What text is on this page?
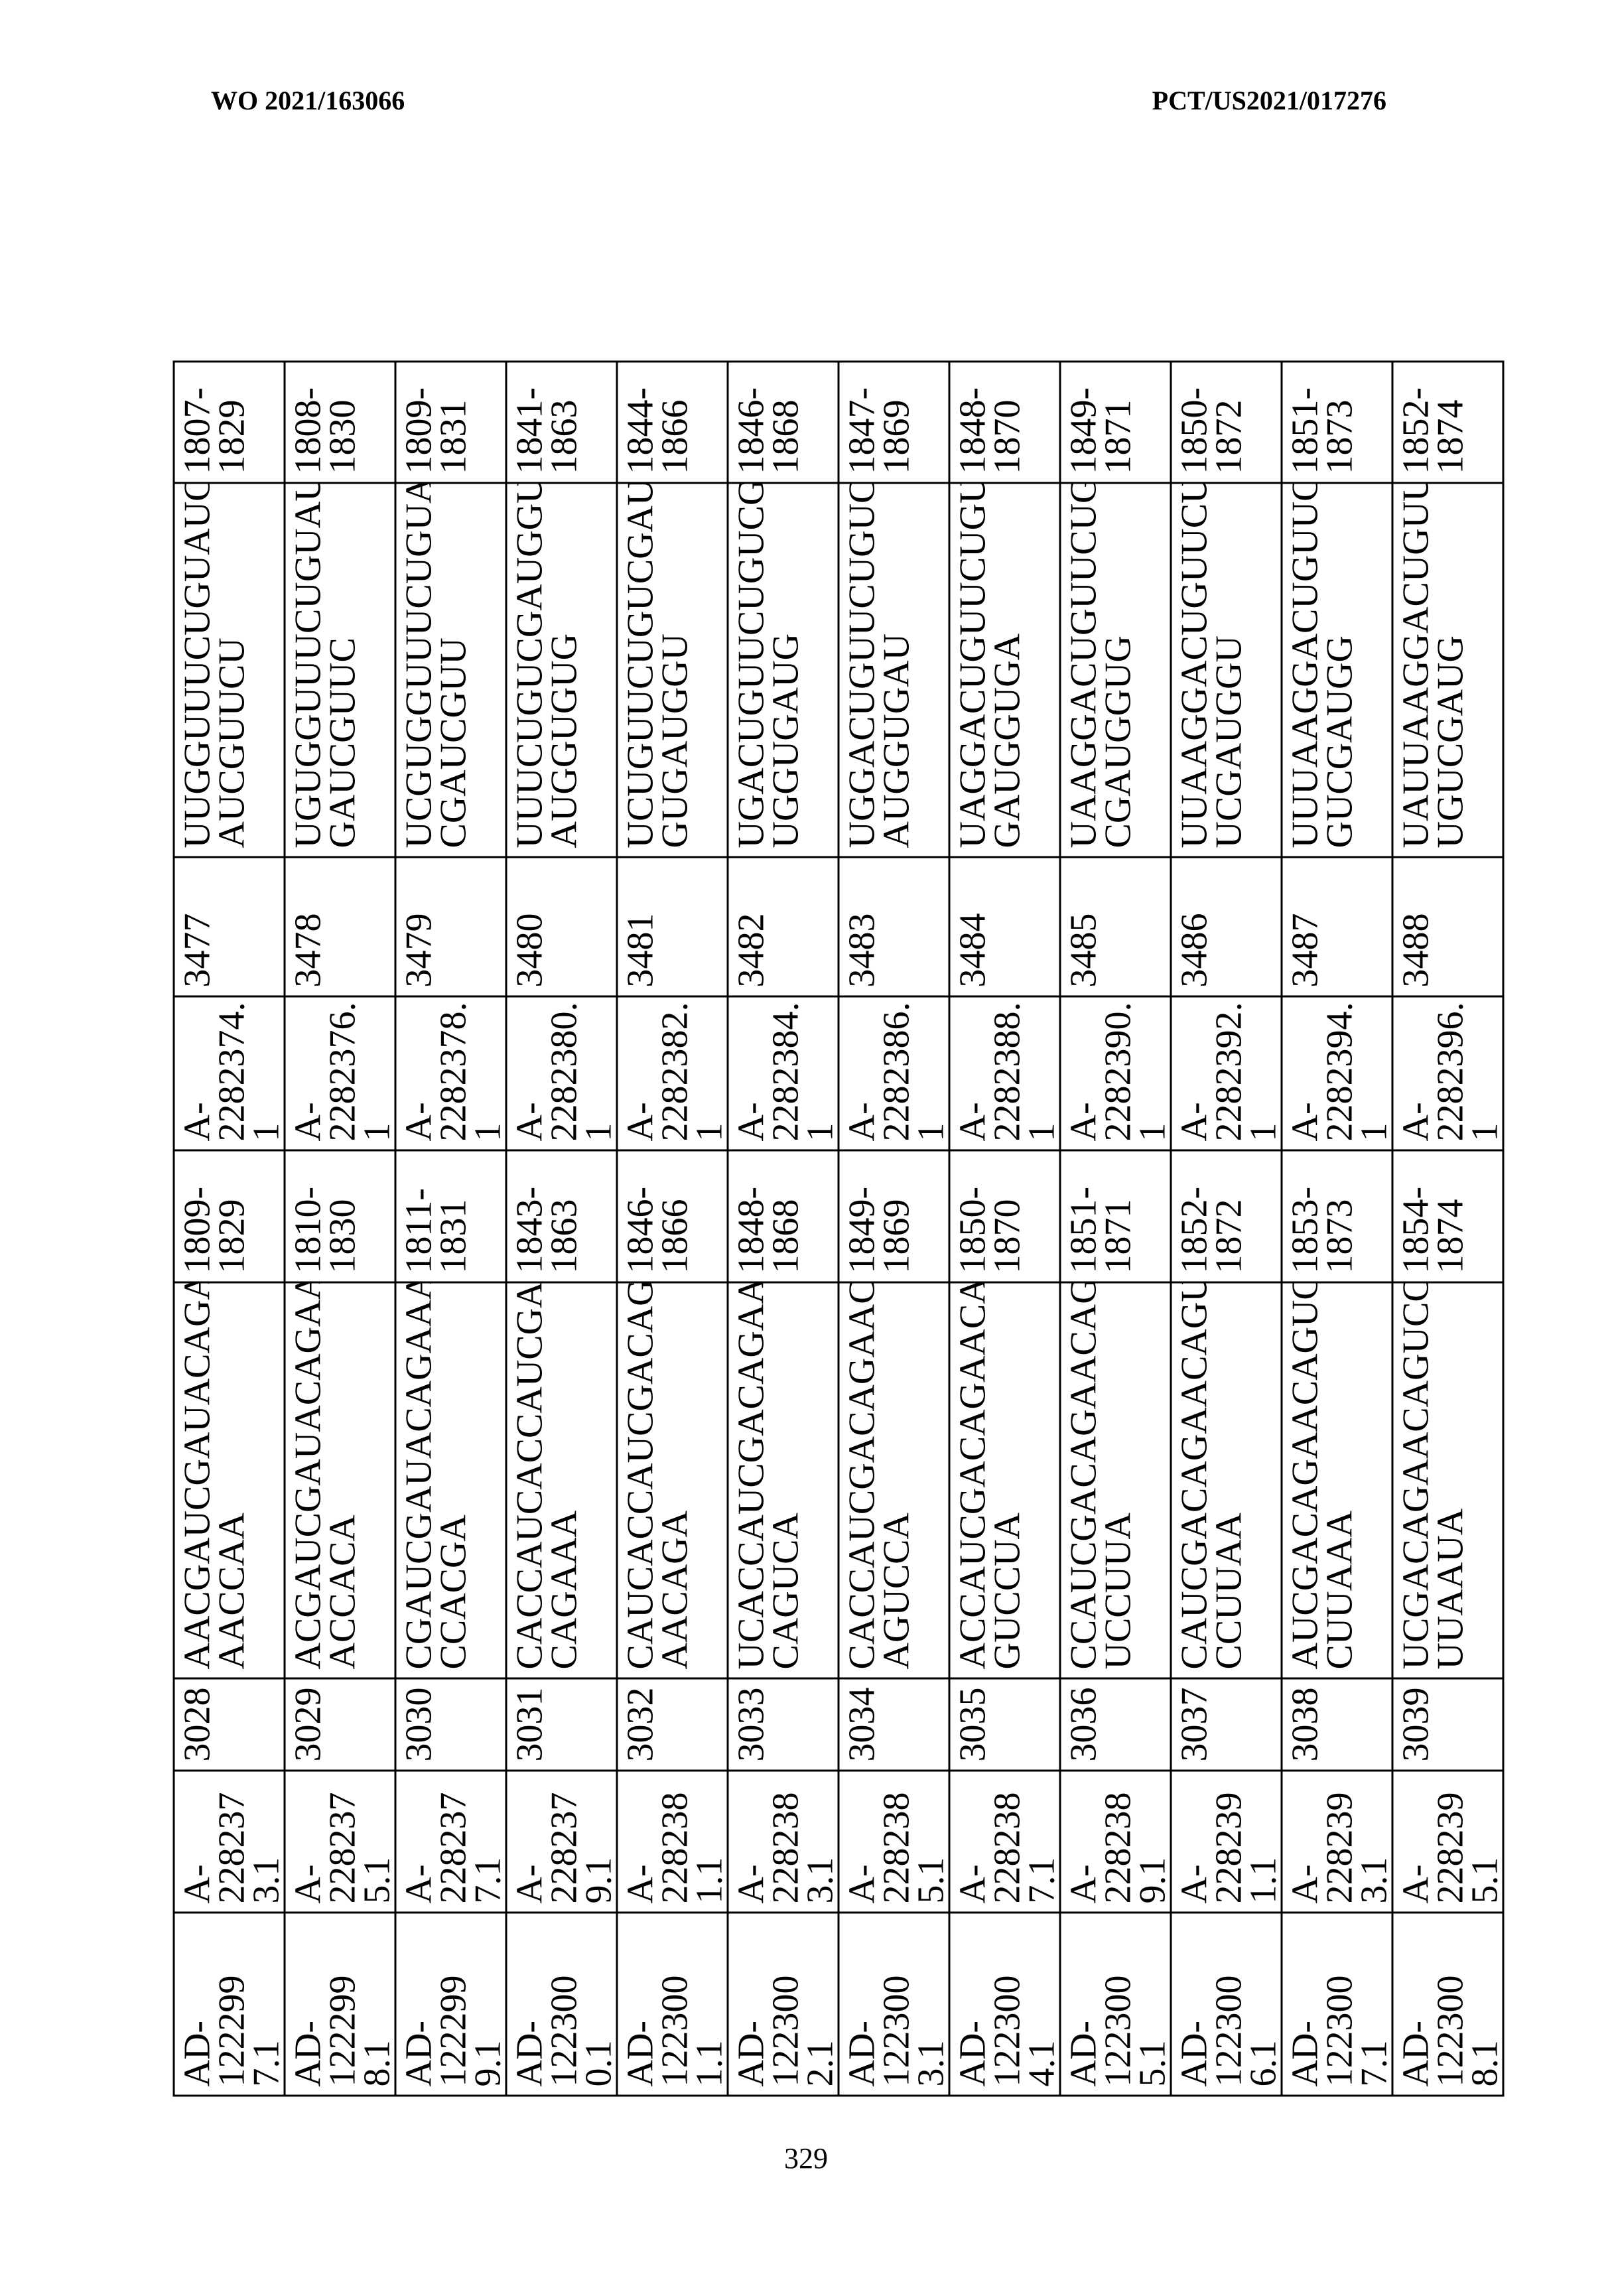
WO 2021/163066	PCT/US2021/017276
AD-
122299
7.1	A-
228237
3.1	3028	AACGAUCGAUACAGA
AACCAA	1809-
1829	A-
2282374.
1	3477	UUGGUUUCUGUAUCG
AUCGUUCU	1807-
1829
AD-
122299
8.1	A-
228237
5.1	3029	ACGAUCGAUACAGAA
ACCACA	1810-
1830	A-
2282376.
1	3478	UGUGGUUUCUGUAUC
GAUCGUUC	1808-
1830
AD-
122299
9.1	A-
228237
7.1	3030	CGAUCGAUACAGAAA
CCACGA	1811-
1831	A-
2282378.
1	3479	UCGUGGUUUCUGUAU
CGAUCGUU	1809-
1831
AD-
122300
0.1	A-
228237
9.1	3031	CACCAUCACCAUCGA
CAGAAA	1843-
1863	A-
2282380.
1	3480	UUUCUGUCGAUGGUG
AUGGUGUG	1841-
1863
AD-
122300
1.1	A-
228238
1.1	3032	CAUCACCAUCGACAG
AACAGA	1846-
1866	A-
2282382.
1	3481	UCUGUUCUGUCGAUG
GUGAUGGU	1844-
1866
AD-
122300
2.1	A-
228238
3.1	3033	UCACCAUCGACAGAA
CAGUCA	1848-
1868	A-
2282384.
1	3482	UGACUGUUCUGUCGA
UGGUGAUG	1846-
1868
AD-
122300
3.1	A-
228238
5.1	3034	CACCAUCGACAGAAC
AGUCCA	1849-
1869	A-
2282386.
1	3483	UGGACUGUUCUGUCG
AUGGUGAU	1847-
1869
AD-
122300
4.1	A-
228238
7.1	3035	ACCAUCGACAGAACA
GUCCUA	1850-
1870	A-
2282388.
1	3484	UAGGACUGUUCUGUC
GAUGGUGA	1848-
1870
AD-
122300
5.1	A-
228238
9.1	3036	CCAUCGACAGAACAG
UCCUUA	1851-
1871	A-
2282390.
1	3485	UAAGGACUGUUCUGU
CGAUGGUG	1849-
1871
AD-
122300
6.1	A-
228239
1.1	3037	CAUCGACAGAACAGU
CCUUAA	1852-
1872	A-
2282392.
1	3486	UUAAGGACUGUUCUG
UCGAUGGU	1850-
1872
AD-
122300
7.1	A-
228239
3.1	3038	AUCGACAGAACAGUC
CUUAAA	1853-
1873	A-
2282394.
1	3487	UUUAAGGACUGUUCU
GUCGAUGG	1851-
1873
AD-
122300
8.1	A-
228239
5.1	3039	UCGACAGAACAGUCC
UUAAUA	1854-
1874	A-
2282396.
1	3488	UAUUAAGGACUGUUC
UGUCGAUG	1852-
1874
329
